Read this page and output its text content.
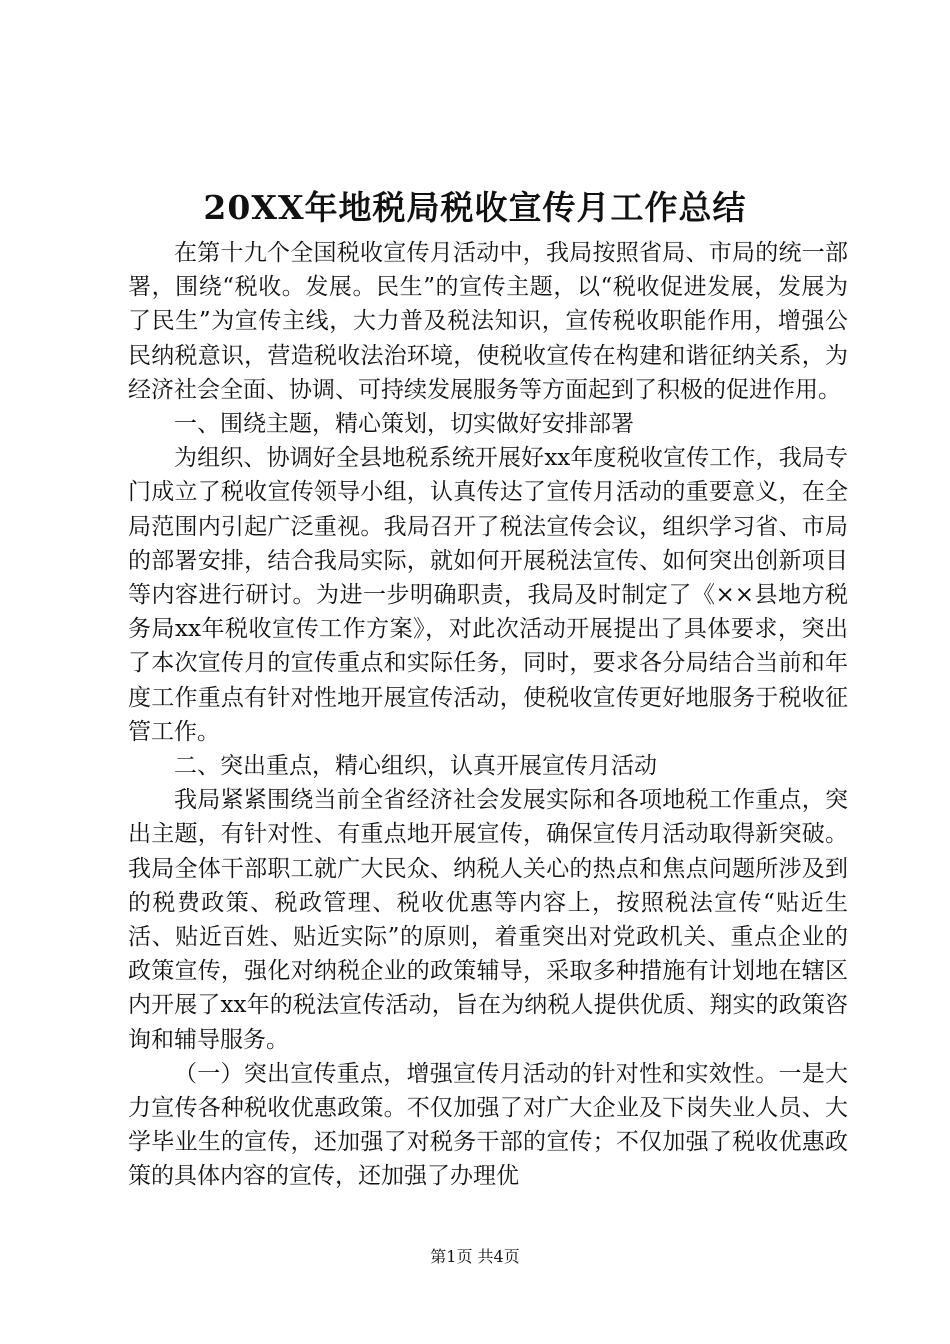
20XX年地税局税收宣传月工作总结

在第十九个全国税收宣传月活动中，我局按照省局、市局的统一部署，围绕“税收。发展。民生”的宣传主题，以“税收促进发展，发展为了民生”为宣传主线，大力普及税法知识，宣传税收职能作用，增强公民纳税意识，营造税收法治环境，使税收宣传在构建和谐征纳关系，为经济社会全面、协调、可持续发展服务等方面起到了积极的促进作用。

一、围绕主题，精心策划，切实做好安排部署

为组织、协调好全县地税系统开展好xx年度税收宣传工作，我局专门成立了税收宣传领导小组，认真传达了宣传月活动的重要意义，在全局范围内引起广泛重视。我局召开了税法宣传会议，组织学习省、市局的部署安排，结合我局实际，就如何开展税法宣传、如何突出创新项目等内容进行研讨。为进一步明确职责，我局及时制定了《××县地方税务局xx年税收宣传工作方案》，对此次活动开展提出了具体要求，突出了本次宣传月的宣传重点和实际任务，同时，要求各分局结合当前和年度工作重点有针对性地开展宣传活动，使税收宣传更好地服务于税收征管工作。

二、突出重点，精心组织，认真开展宣传月活动

我局紧紧围绕当前全省经济社会发展实际和各项地税工作重点，突出主题，有针对性、有重点地开展宣传，确保宣传月活动取得新突破。我局全体干部职工就广大民众、纳税人关心的热点和焦点问题所涉及到的税费政策、税政管理、税收优惠等内容上，按照税法宣传“贴近生活、贴近百姓、贴近实际”的原则，着重突出对党政机关、重点企业的政策宣传，强化对纳税企业的政策辅导，采取多种措施有计划地在辖区内开展了xx年的税法宣传活动，旨在为纳税人提供优质、翔实的政策咨询和辅导服务。

（一）突出宣传重点，增强宣传月活动的针对性和实效性。一是大力宣传各种税收优惠政策。不仅加强了对广大企业及下岗失业人员、大学毕业生的宣传，还加强了对税务干部的宣传；不仅加强了税收优惠政策的具体内容的宣传，还加强了办理优

第1页 共4页
